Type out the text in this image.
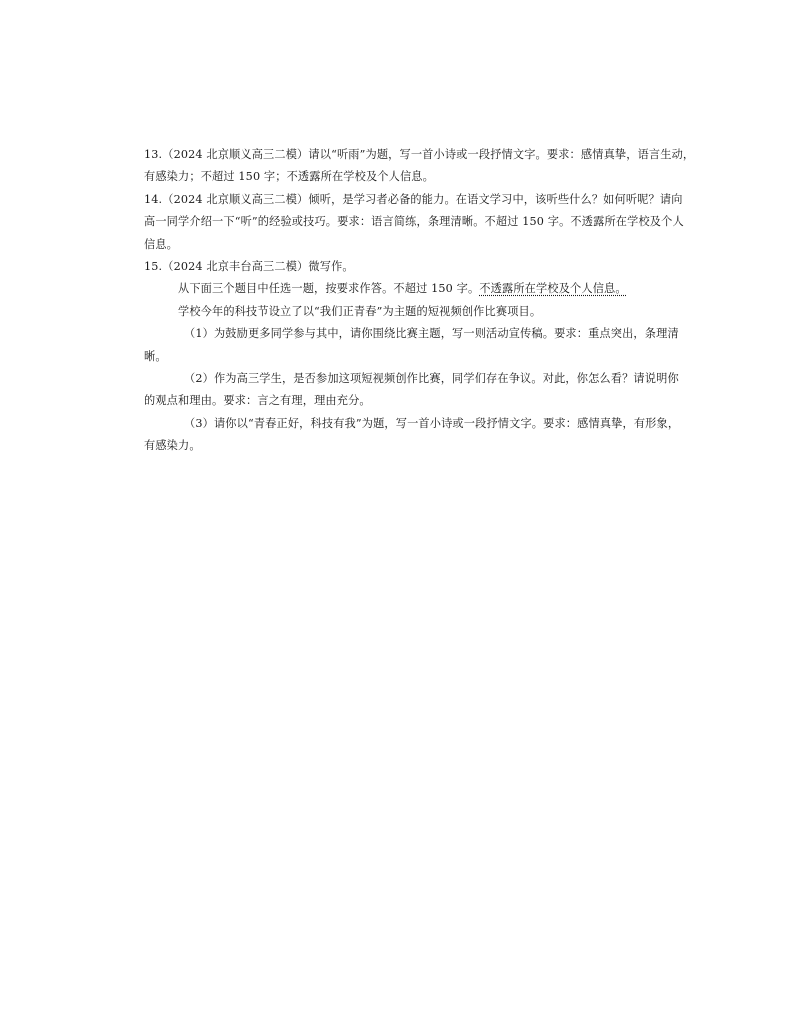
13.（2024 北京顺义高三二模）请以“听雨”为题，写一首小诗或一段抒情文字。要求：感情真挚，语言生动，
有感染力；不超过 150 字；不透露所在学校及个人信息。
14.（2024 北京顺义高三二模）倾听，是学习者必备的能力。在语文学习中，该听些什么？如何听呢？请向
高一同学介绍一下“听”的经验或技巧。要求：语言简练，条理清晰。不超过 150 字。不透露所在学校及个人
信息。
15.（2024 北京丰台高三二模）微写作。
从下面三个题目中任选一题，按要求作答。不超过 150 字。不透露所在学校及个人信息。
学校今年的科技节设立了以“我们正青春”为主题的短视频创作比赛项目。
（1）为鼓励更多同学参与其中，请你围绕比赛主题，写一则活动宣传稿。要求：重点突出，条理清
晰。
（2）作为高三学生，是否参加这项短视频创作比赛，同学们存在争议。对此，你怎么看？请说明你
的观点和理由。要求：言之有理，理由充分。
（3）请你以“青春正好，科技有我”为题，写一首小诗或一段抒情文字。要求：感情真挚，有形象，
有感染力。
